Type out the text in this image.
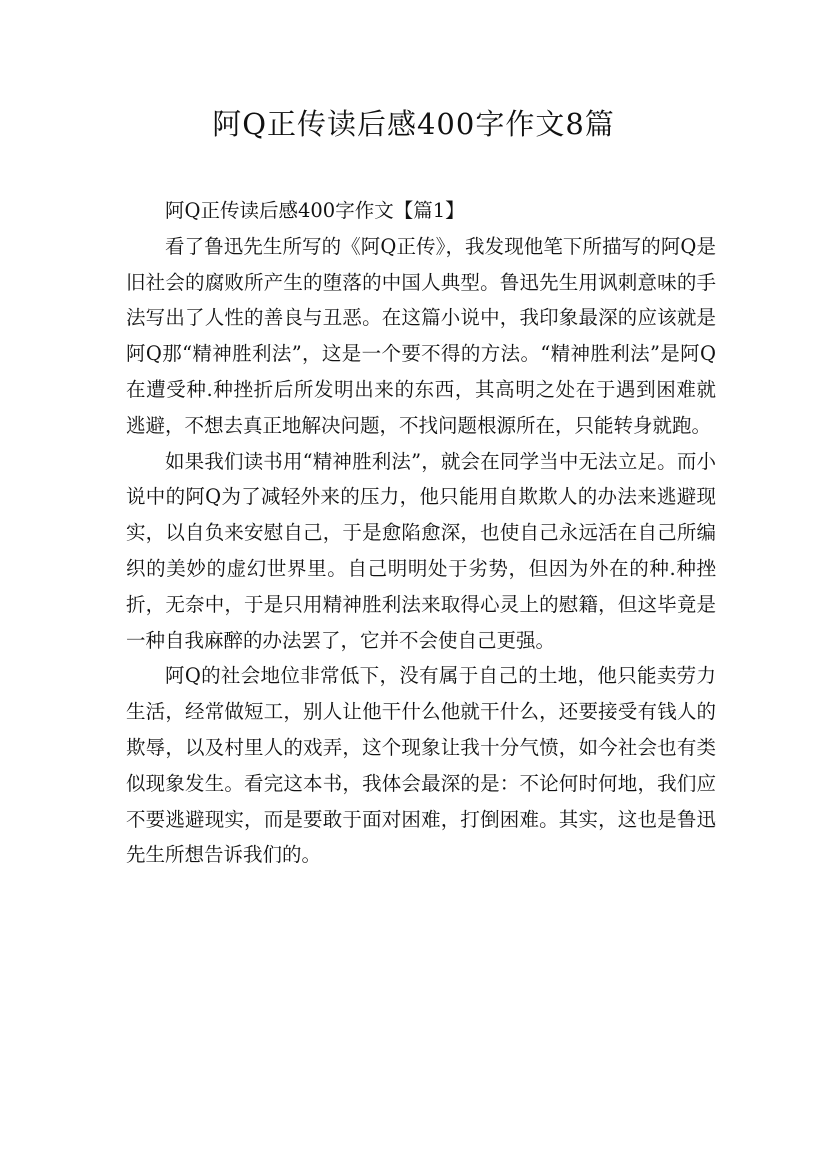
阿Q正传读后感400字作文8篇

阿Q正传读后感400字作文【篇1】

看了鲁迅先生所写的《阿Q正传》，我发现他笔下所描写的阿Q是旧社会的腐败所产生的堕落的中国人典型。鲁迅先生用讽刺意味的手法写出了人性的善良与丑恶。在这篇小说中，我印象最深的应该就是阿Q那“精神胜利法”，这是一个要不得的方法。“精神胜利法”是阿Q在遭受种.种挫折后所发明出来的东西，其高明之处在于遇到困难就逃避，不想去真正地解决问题，不找问题根源所在，只能转身就跑。

如果我们读书用“精神胜利法”，就会在同学当中无法立足。而小说中的阿Q为了减轻外来的压力，他只能用自欺欺人的办法来逃避现实，以自负来安慰自己，于是愈陷愈深，也使自己永远活在自己所编织的美妙的虚幻世界里。自己明明处于劣势，但因为外在的种.种挫折，无奈中，于是只用精神胜利法来取得心灵上的慰籍，但这毕竟是一种自我麻醉的办法罢了，它并不会使自己更强。

阿Q的社会地位非常低下，没有属于自己的土地，他只能卖劳力生活，经常做短工，别人让他干什么他就干什么，还要接受有钱人的欺辱，以及村里人的戏弄，这个现象让我十分气愤，如今社会也有类似现象发生。看完这本书，我体会最深的是：不论何时何地，我们应不要逃避现实，而是要敢于面对困难，打倒困难。其实，这也是鲁迅先生所想告诉我们的。
